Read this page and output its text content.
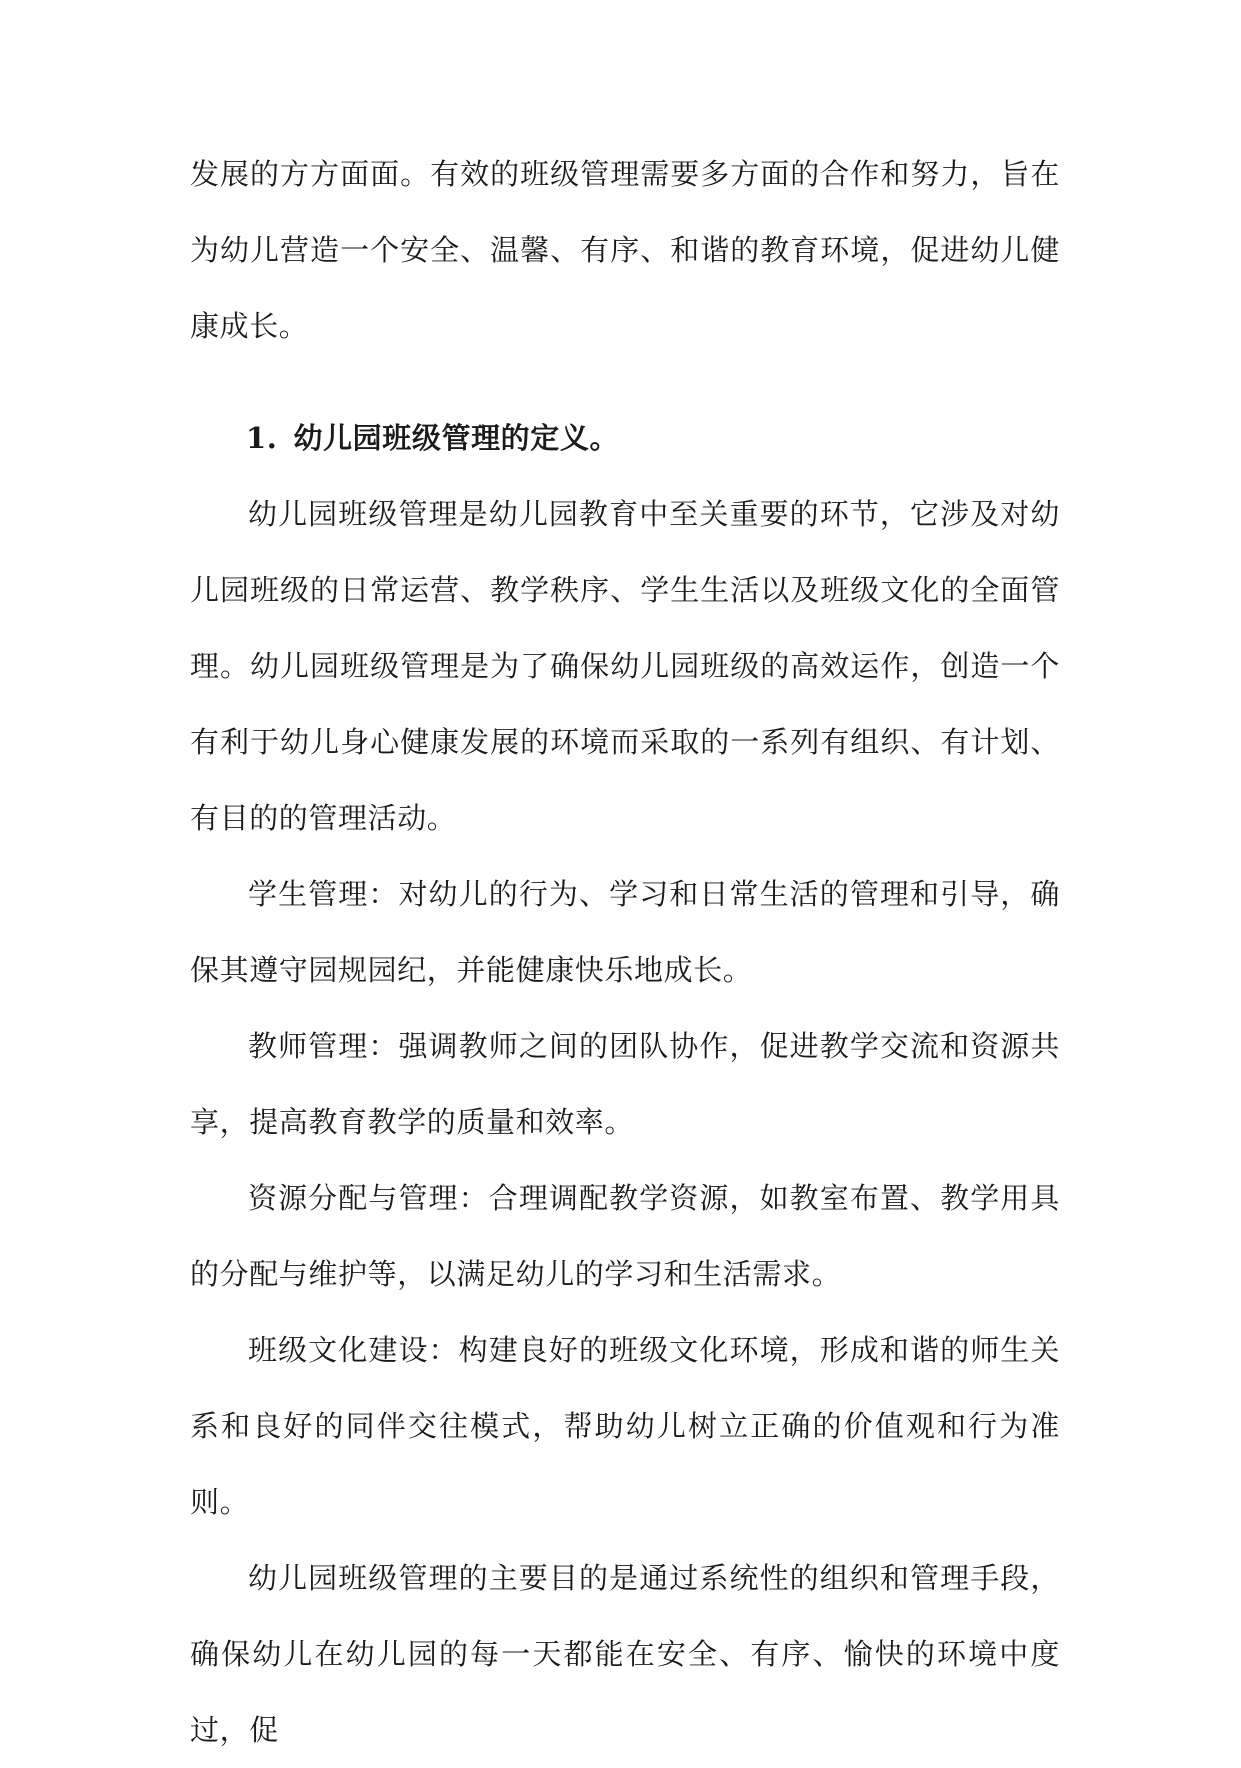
发展的方方面面。有效的班级管理需要多方面的合作和努力，旨在为幼儿营造一个安全、温馨、有序、和谐的教育环境，促进幼儿健康成长。

1. 幼儿园班级管理的定义。

幼儿园班级管理是幼儿园教育中至关重要的环节，它涉及对幼儿园班级的日常运营、教学秩序、学生生活以及班级文化的全面管理。幼儿园班级管理是为了确保幼儿园班级的高效运作，创造一个有利于幼儿身心健康发展的环境而采取的一系列有组织、有计划、有目的的管理活动。

学生管理：对幼儿的行为、学习和日常生活的管理和引导，确保其遵守园规园纪，并能健康快乐地成长。

教师管理：强调教师之间的团队协作，促进教学交流和资源共享，提高教育教学的质量和效率。

资源分配与管理：合理调配教学资源，如教室布置、教学用具的分配与维护等，以满足幼儿的学习和生活需求。

班级文化建设：构建良好的班级文化环境，形成和谐的师生关系和良好的同伴交往模式，帮助幼儿树立正确的价值观和行为准则。

幼儿园班级管理的主要目的是通过系统性的组织和管理手段，确保幼儿在幼儿园的每一天都能在安全、有序、愉快的环境中度过，促
